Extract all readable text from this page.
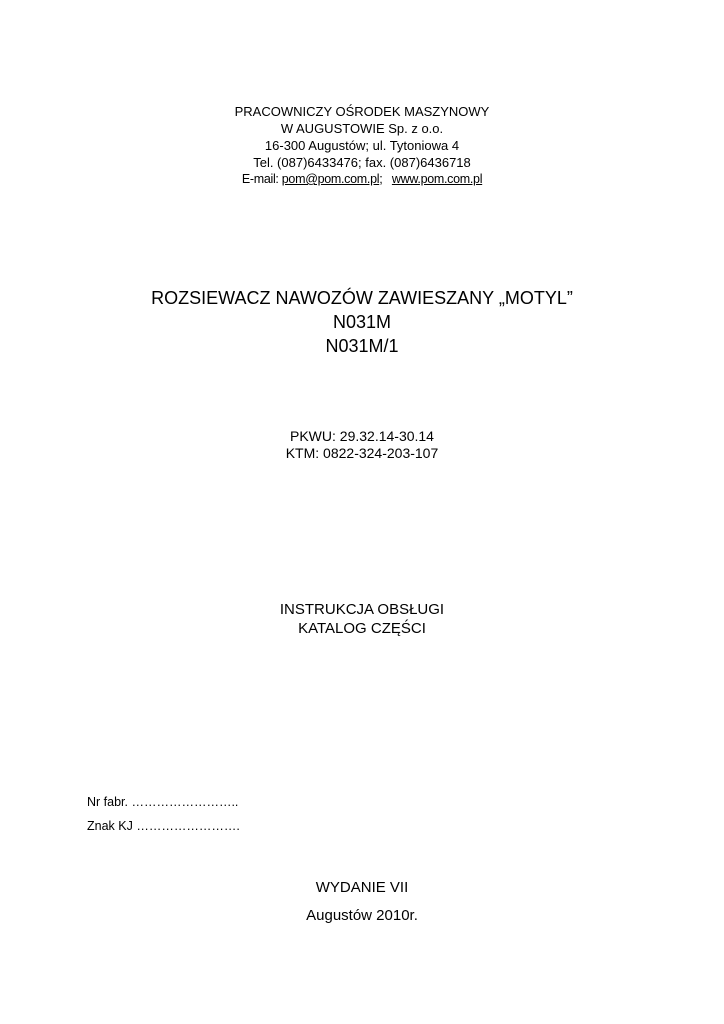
PRACOWNICZY OŚRODEK MASZYNOWY
W AUGUSTOWIE Sp. z o.o.
16-300 Augustów; ul. Tytoniowa 4
Tel. (087)6433476; fax. (087)6436718
E-mail: pom@pom.com.pl;   www.pom.com.pl
ROZSIEWACZ NAWOZÓW ZAWIESZANY „MOTYL”
N031M
N031M/1
PKWU: 29.32.14-30.14
KTM: 0822-324-203-107
INSTRUKCJA OBSŁUGI
KATALOG CZĘŚCI
Nr fabr. ……………………..
Znak KJ …………………….
WYDANIE VII
Augustów 2010r.
